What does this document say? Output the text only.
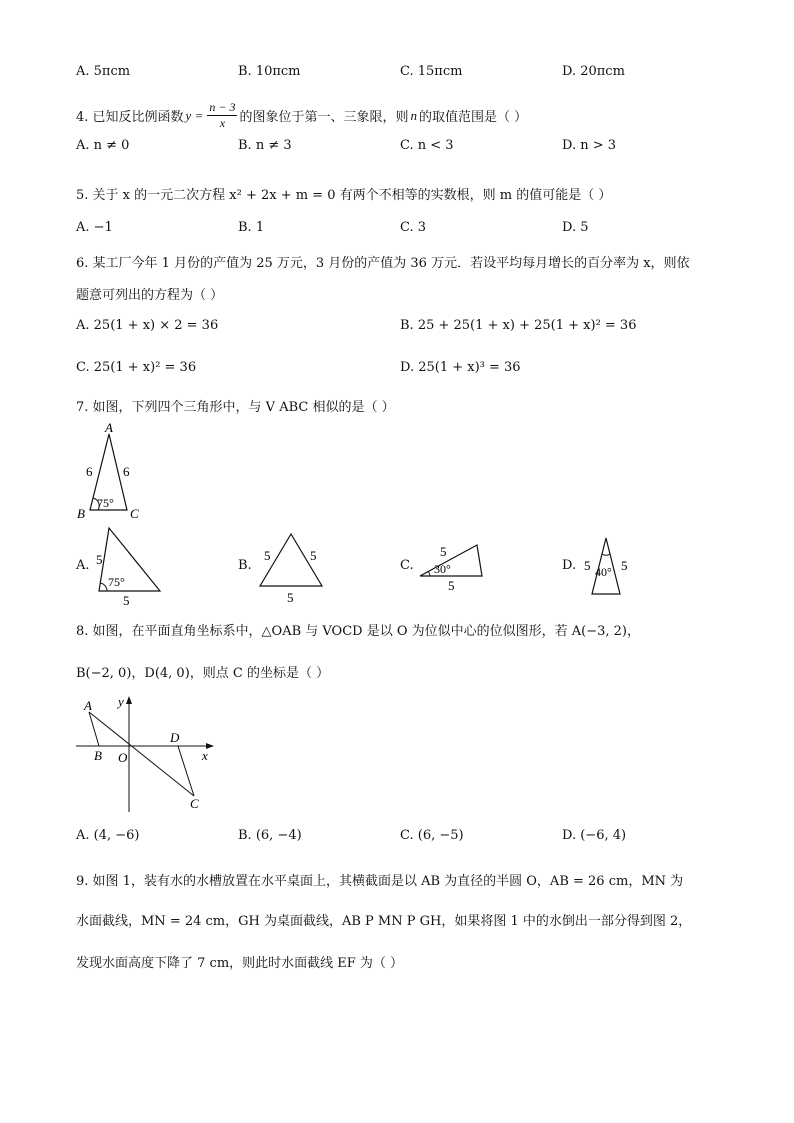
A. 5πcm	B. 10πcm	C. 15πcm	D. 20πcm
4. 已知反比例函数 $y = \frac{n - 3}{x}$ 的图象位于第一、三象限，则 n 的取值范围是（ ）
A. n ≠ 0	B. n ≠ 3	C. n < 3	D. n > 3
5. 关于 x 的一元二次方程 x² + 2x + m = 0 有两个不相等的实数根，则 m 的值可能是（ ）
A. −1	B. 1	C. 3	D. 5
6. 某工厂今年 1 月份的产值为 25 万元，3 月份的产值为 36 万元．若设平均每月增长的百分率为 x，则依
题意可列出的方程为（ ）
A. 25(1 + x) × 2 = 36	B. 25 + 25(1 + x) + 25(1 + x)² = 36
C. 25(1 + x)² = 36	D. 25(1 + x)³ = 36
7. 如图，下列四个三角形中，与 V ABC 相似的是（ ）
A
B	C
6 6
75°
A. 5
75°
5
B.
5	5
5
C.
5
30°
5
D. 5 40° 5
8. 如图，在平面直角坐标系中，△OAB 与 VOCD 是以 O 为位似中心的位似图形，若 A(−3, 2)，
B(−2, 0)，D(4, 0)，则点 C 的坐标是（ ）
y
x
A
B O
D
C
A. (4, −6)	B. (6, −4)	C. (6, −5)	D. (−6, 4)
9. 如图 1，装有水的水槽放置在水平桌面上，其横截面是以 AB 为直径的半圆 O，AB = 26 cm，MN 为
水面截线，MN = 24 cm，GH 为桌面截线，AB P MN P GH，如果将图 1 中的水倒出一部分得到图 2，
发现水面高度下降了 7 cm，则此时水面截线 EF 为（ ）
